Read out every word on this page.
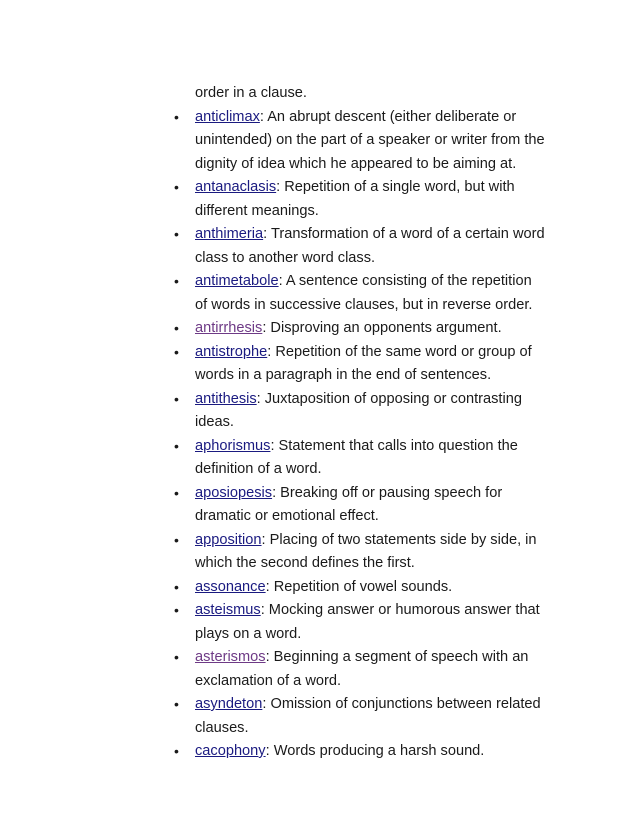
order in a clause.

• anticlimax: An abrupt descent (either deliberate or unintended) on the part of a speaker or writer from the dignity of idea which he appeared to be aiming at.
• antanaclasis: Repetition of a single word, but with different meanings.
• anthimeria: Transformation of a word of a certain word class to another word class.
• antimetabole: A sentence consisting of the repetition of words in successive clauses, but in reverse order.
• antirrhesis: Disproving an opponents argument.
• antistrophe: Repetition of the same word or group of words in a paragraph in the end of sentences.
• antithesis: Juxtaposition of opposing or contrasting ideas.
• aphorismus: Statement that calls into question the definition of a word.
• aposiopesis: Breaking off or pausing speech for dramatic or emotional effect.
• apposition: Placing of two statements side by side, in which the second defines the first.
• assonance: Repetition of vowel sounds.
• asteismus: Mocking answer or humorous answer that plays on a word.
• asterismos: Beginning a segment of speech with an exclamation of a word.
• asyndeton: Omission of conjunctions between related clauses.
• cacophony: Words producing a harsh sound.
